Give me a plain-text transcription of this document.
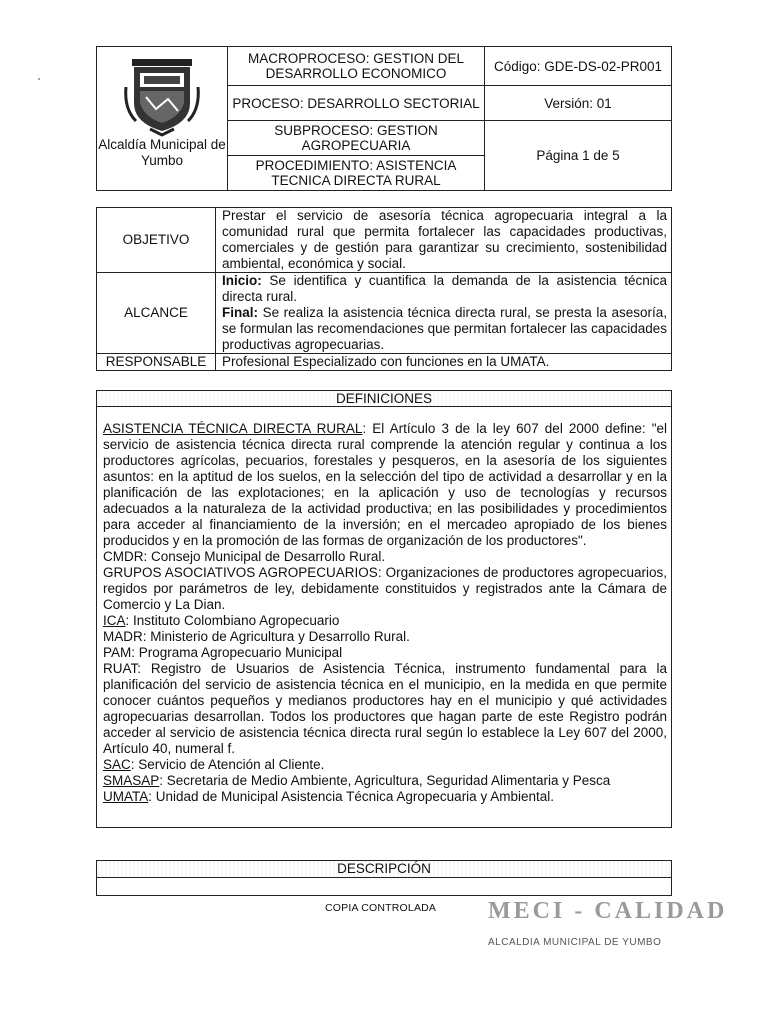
Alcaldía Municipal de Yumbo	MACROPROCESO: GESTION DEL DESARROLLO ECONOMICO	Código: GDE-DS-02-PR001
	PROCESO: DESARROLLO SECTORIAL	Versión: 01
	SUBPROCESO: GESTION AGROPECUARIA	Página 1 de 5
	PROCEDIMIENTO: ASISTENCIA TECNICA DIRECTA RURAL	
OBJETIVO	Prestar el servicio de asesoría técnica agropecuaria integral a la comunidad rural que permita fortalecer las capacidades productivas, comerciales y de gestión para garantizar su crecimiento, sostenibilidad ambiental, económica y social.
ALCANCE	Inicio: Se identifica y cuantifica la demanda de la asistencia técnica directa rural.
Final: Se realiza la asistencia técnica directa rural, se presta la asesoría, se formulan las recomendaciones que permitan fortalecer las capacidades productivas agropecuarias.
RESPONSABLE	Profesional Especializado con funciones en la UMATA.
DEFINICIONES

ASISTENCIA TÉCNICA DIRECTA RURAL: El Artículo 3 de la ley 607 del 2000 define: "el servicio de asistencia técnica directa rural comprende la atención regular y continua a los productores agrícolas, pecuarios, forestales y pesqueros, en la asesoría de los siguientes asuntos: en la aptitud de los suelos, en la selección del tipo de actividad a desarrollar y en la planificación de las explotaciones; en la aplicación y uso de tecnologías y recursos adecuados a la naturaleza de la actividad productiva; en las posibilidades y procedimientos para acceder al financiamiento de la inversión; en el mercadeo apropiado de los bienes producidos y en la promoción de las formas de organización de los productores".

CMDR: Consejo Municipal de Desarrollo Rural.

GRUPOS ASOCIATIVOS AGROPECUARIOS: Organizaciones de productores agropecuarios, regidos por parámetros de ley, debidamente constituidos y registrados ante la Cámara de Comercio y La Dian.

ICA: Instituto Colombiano Agropecuario

MADR: Ministerio de Agricultura y Desarrollo Rural.

PAM: Programa Agropecuario Municipal

RUAT: Registro de Usuarios de Asistencia Técnica, instrumento fundamental para la planificación del servicio de asistencia técnica en el municipio, en la medida en que permite conocer cuántos pequeños y medianos productores hay en el municipio y qué actividades agropecuarias desarrollan. Todos los productores que hagan parte de este Registro podrán acceder al servicio de asistencia técnica directa rural según lo establece la Ley 607 del 2000, Artículo 40, numeral f.

SAC: Servicio de Atención al Cliente.

SMASAP: Secretaria de Medio Ambiente, Agricultura, Seguridad Alimentaria y Pesca

UMATA: Unidad de Municipal Asistencia Técnica Agropecuaria y Ambiental.

DESCRIPCIÓN
COPIA CONTROLADA MECI - CALIDAD
ALCALDIA MUNICIPAL DE YUMBO
